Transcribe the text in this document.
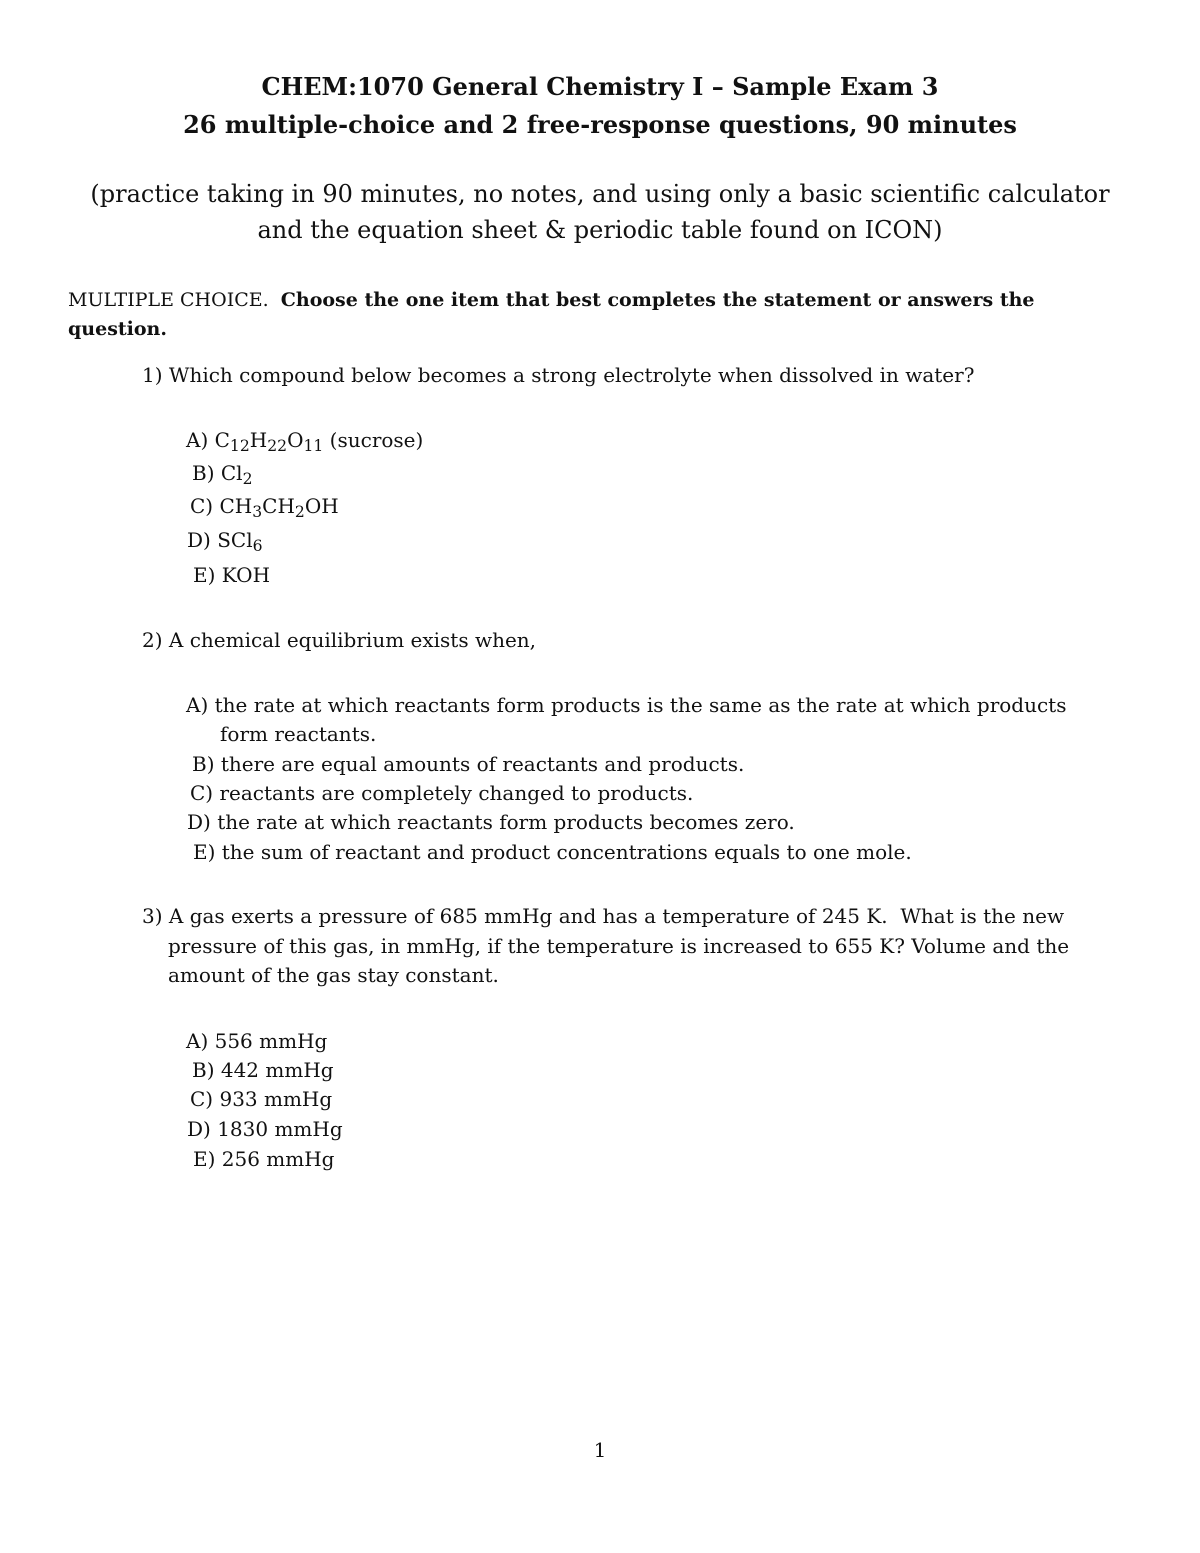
CHEM:1070 General Chemistry I – Sample Exam 3
26 multiple-choice and 2 free-response questions, 90 minutes
(practice taking in 90 minutes, no notes, and using only a basic scientific calculator
and the equation sheet & periodic table found on ICON)
MULTIPLE CHOICE. Choose the one item that best completes the statement or answers the question.
1) Which compound below becomes a strong electrolyte when dissolved in water?
A) $C_{12}H_{22}O_{11}$ (sucrose)
B) $Cl_2$
C) $CH_3CH_2OH$
D) SCl$_6$
E) KOH
2) A chemical equilibrium exists when,
A) the rate at which reactants form products is the same as the rate at which products
form reactants.
B) there are equal amounts of reactants and products.
C) reactants are completely changed to products.
D) the rate at which reactants form products becomes zero.
E) the sum of reactant and product concentrations equals to one mole.
3) A gas exerts a pressure of 685 mmHg and has a temperature of 245 K.  What is the new
pressure of this gas, in mmHg, if the temperature is increased to 655 K? Volume and the
amount of the gas stay constant.
A) 556 mmHg
B) 442 mmHg
C) 933 mmHg
D) 1830 mmHg
E) 256 mmHg
1
